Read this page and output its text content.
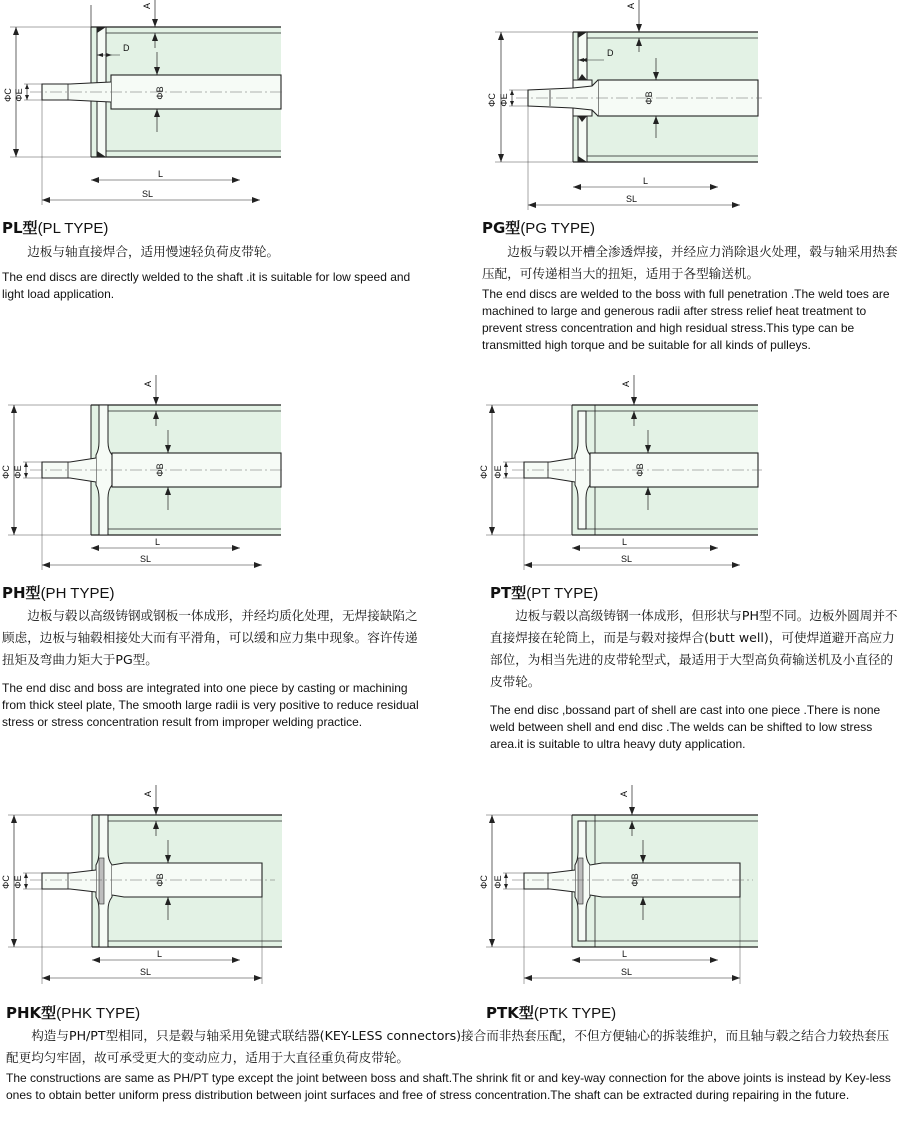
ΦC ΦE	ΦB
A
D
L
SL
PL型(PL TYPE)
边板与轴直接焊合，适用慢速轻负荷皮带轮。
The end discs are directly welded to the shaft .it is suitable for low speed and light load application.
ΦC ΦE	ΦB
A
D
L
SL
PG型(PG TYPE)
边板与毂以开槽全渗透焊接，并经应力消除退火处理，毂与轴采用热套压配，可传递相当大的扭矩，适用于各型输送机。
The end discs are welded to the boss with full penetration .The weld toes are machined to large and generous radii after stress relief heat treatment to prevent stress concentration and high residual stress.This type can be transmitted high torque and be suitable for all kinds of pulleys.
ΦC ΦE	ΦB
A
L
SL
PH型(PH TYPE)
边板与毂以高级铸钢或钢板一体成形，并经均质化处理，无焊接缺陷之顾虑，边板与轴毂相接处大而有平滑角，可以缓和应力集中现象。容许传递扭矩及弯曲力矩大于PG型。
The end disc and boss are integrated into one piece by casting or machining from thick steel plate, The smooth large radii is very positive to reduce residual stress or stress concentration result from improper welding practice.
ΦC ΦE	ΦB
A
L
SL
PT型(PT TYPE)
边板与毂以高级铸钢一体成形，但形状与PH型不同。边板外圆周并不直接焊接在轮筒上，而是与毂对接焊合(butt well)，可使焊道避开高应力部位，为相当先进的皮带轮型式，最适用于大型高负荷输送机及小直径的皮带轮。
The end disc ,bossand part of shell are cast into one piece .There is none weld between shell and end disc .The welds can be shifted to low stress area.it is suitable to ultra heavy duty application.
ΦC ΦE	ΦB
A
L
SL
PHK型(PHK TYPE)
ΦC ΦE	ΦB
A
L
SL
PTK型(PTK TYPE)
构造与PH/PT型相同，只是毂与轴采用免键式联结器(KEY-LESS connectors)接合而非热套压配，不但方便轴心的拆装维护，而且轴与毂之结合力较热套压配更均匀牢固，故可承受更大的变动应力，适用于大直径重负荷皮带轮。
The constructions are same as PH/PT type except the joint between boss and shaft.The shrink fit or and key-way connection for the above joints is instead by Key-less ones to obtain better uniform press distribution between joint surfaces and free of stress concentration.The shaft can be extracted during repairing in the future.
